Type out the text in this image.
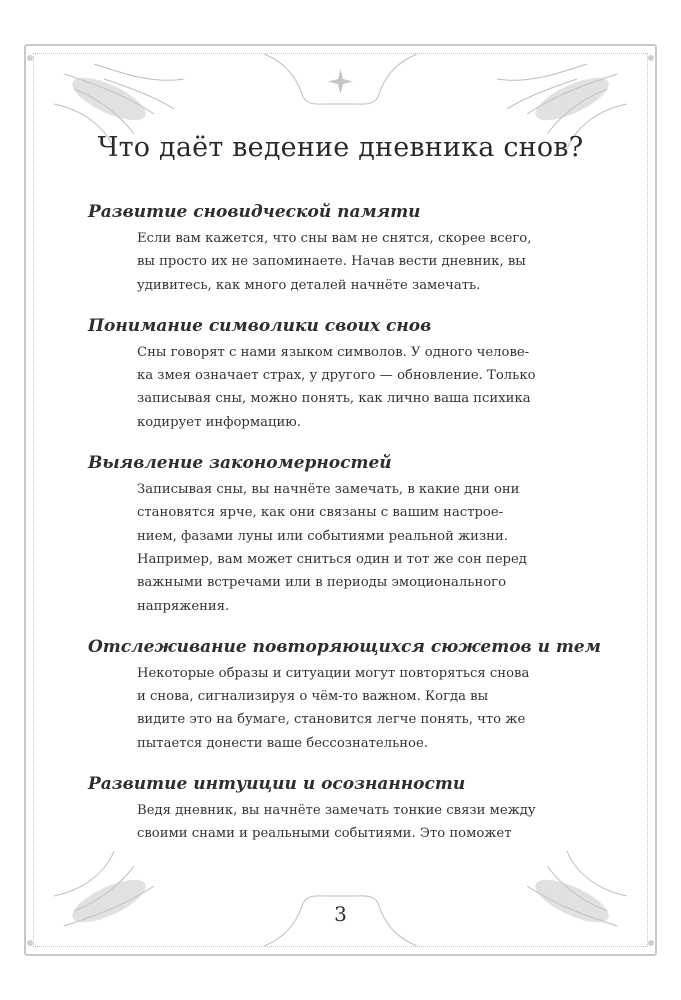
Что даёт ведение дневника снов?
Развитие сновидческой памяти

Если вам кажется, что сны вам не снятся, скорее всего,
вы просто их не запоминаете. Начав вести дневник, вы
удивитесь, как много деталей начнёте замечать.

Понимание символики своих снов

Сны говорят с нами языком символов. У одного челове-
ка змея означает страх, у другого — обновление. Только
записывая сны, можно понять, как лично ваша психика
кодирует информацию.

Выявление закономерностей

Записывая сны, вы начнёте замечать, в какие дни они
становятся ярче, как они связаны с вашим настрое-
нием, фазами луны или событиями реальной жизни.
Например, вам может сниться один и тот же сон перед
важными встречами или в периоды эмоционального
напряжения.

Отслеживание повторяющихся сюжетов и тем

Некоторые образы и ситуации могут повторяться снова
и снова, сигнализируя о чём-то важном. Когда вы
видите это на бумаге, становится легче понять, что же
пытается донести ваше бессознательное.

Развитие интуиции и осознанности

Ведя дневник, вы начнёте замечать тонкие связи между
своими снами и реальными событиями. Это поможет

3
